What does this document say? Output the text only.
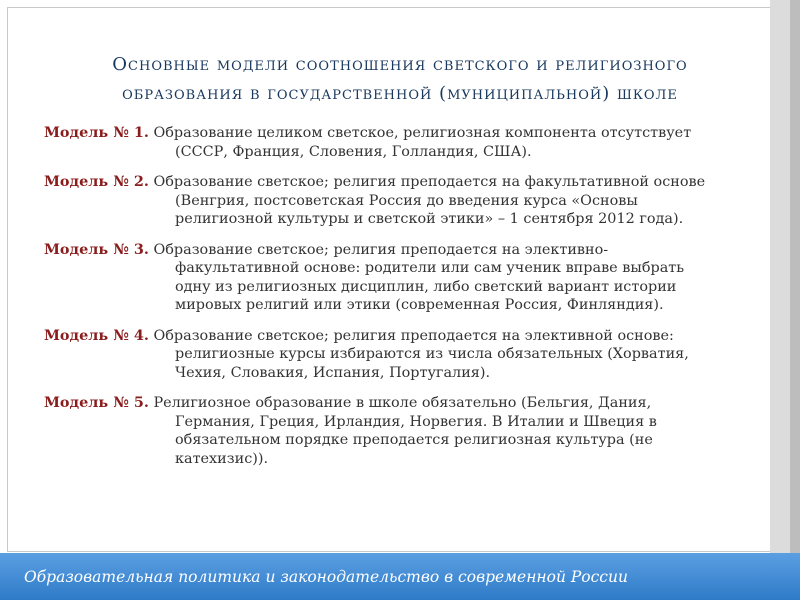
Основные модели соотношения светского и религиозного
образования в государственной (муниципальной) школе
Модель № 1. Образование целиком светское, религиозная компонента отсутствует
(СССР, Франция, Словения, Голландия, США).
Модель № 2. Образование светское; религия преподается на факультативной основе
(Венгрия, постсоветская Россия до введения курса «Основы
религиозной культуры и светской этики» – 1 сентября 2012 года).
Модель № 3. Образование светское; религия преподается на элективно-
факультативной основе: родители или сам ученик вправе выбрать
одну из религиозных дисциплин, либо светский вариант истории
мировых религий или этики (современная Россия, Финляндия).
Модель № 4. Образование светское; религия преподается на элективной основе:
религиозные курсы избираются из числа обязательных (Хорватия,
Чехия, Словакия, Испания, Португалия).
Модель № 5. Религиозное образование в школе обязательно (Бельгия, Дания,
Германия, Греция, Ирландия, Норвегия. В Италии и Швеция в
обязательном порядке преподается религиозная культура (не
катехизис)).
Образовательная политика и законодательство в современной России
